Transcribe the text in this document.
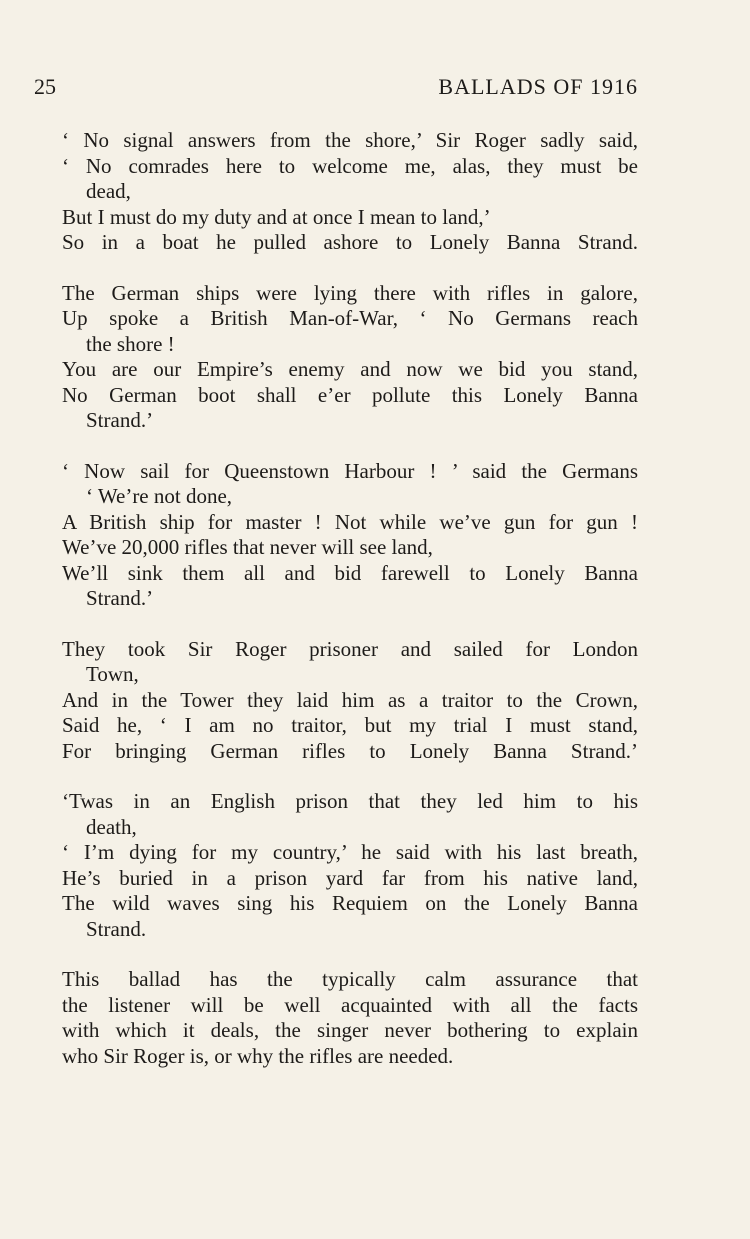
25	BALLADS OF 1916
‘ No signal answers from the shore,’ Sir Roger sadly said,
‘ No comrades here to welcome me, alas, they must be
dead,
But I must do my duty and at once I mean to land,’
So in a boat he pulled ashore to Lonely Banna Strand.
The German ships were lying there with rifles in galore,
Up spoke a British Man-of-War, ‘ No Germans reach
the shore !
You are our Empire’s enemy and now we bid you stand,
No German boot shall e’er pollute this Lonely Banna
Strand.’
‘ Now sail for Queenstown Harbour ! ’ said the Germans
‘ We’re not done,
A British ship for master ! Not while we’ve gun for gun !
We’ve 20,000 rifles that never will see land,
We’ll sink them all and bid farewell to Lonely Banna
Strand.’
They took Sir Roger prisoner and sailed for London
Town,
And in the Tower they laid him as a traitor to the Crown,
Said he, ‘ I am no traitor, but my trial I must stand,
For bringing German rifles to Lonely Banna Strand.’
‘Twas in an English prison that they led him to his
death,
‘ I’m dying for my country,’ he said with his last breath,
He’s buried in a prison yard far from his native land,
The wild waves sing his Requiem on the Lonely Banna
Strand.
This ballad has the typically calm assurance that
the listener will be well acquainted with all the facts
with which it deals, the singer never bothering to explain
who Sir Roger is, or why the rifles are needed.
